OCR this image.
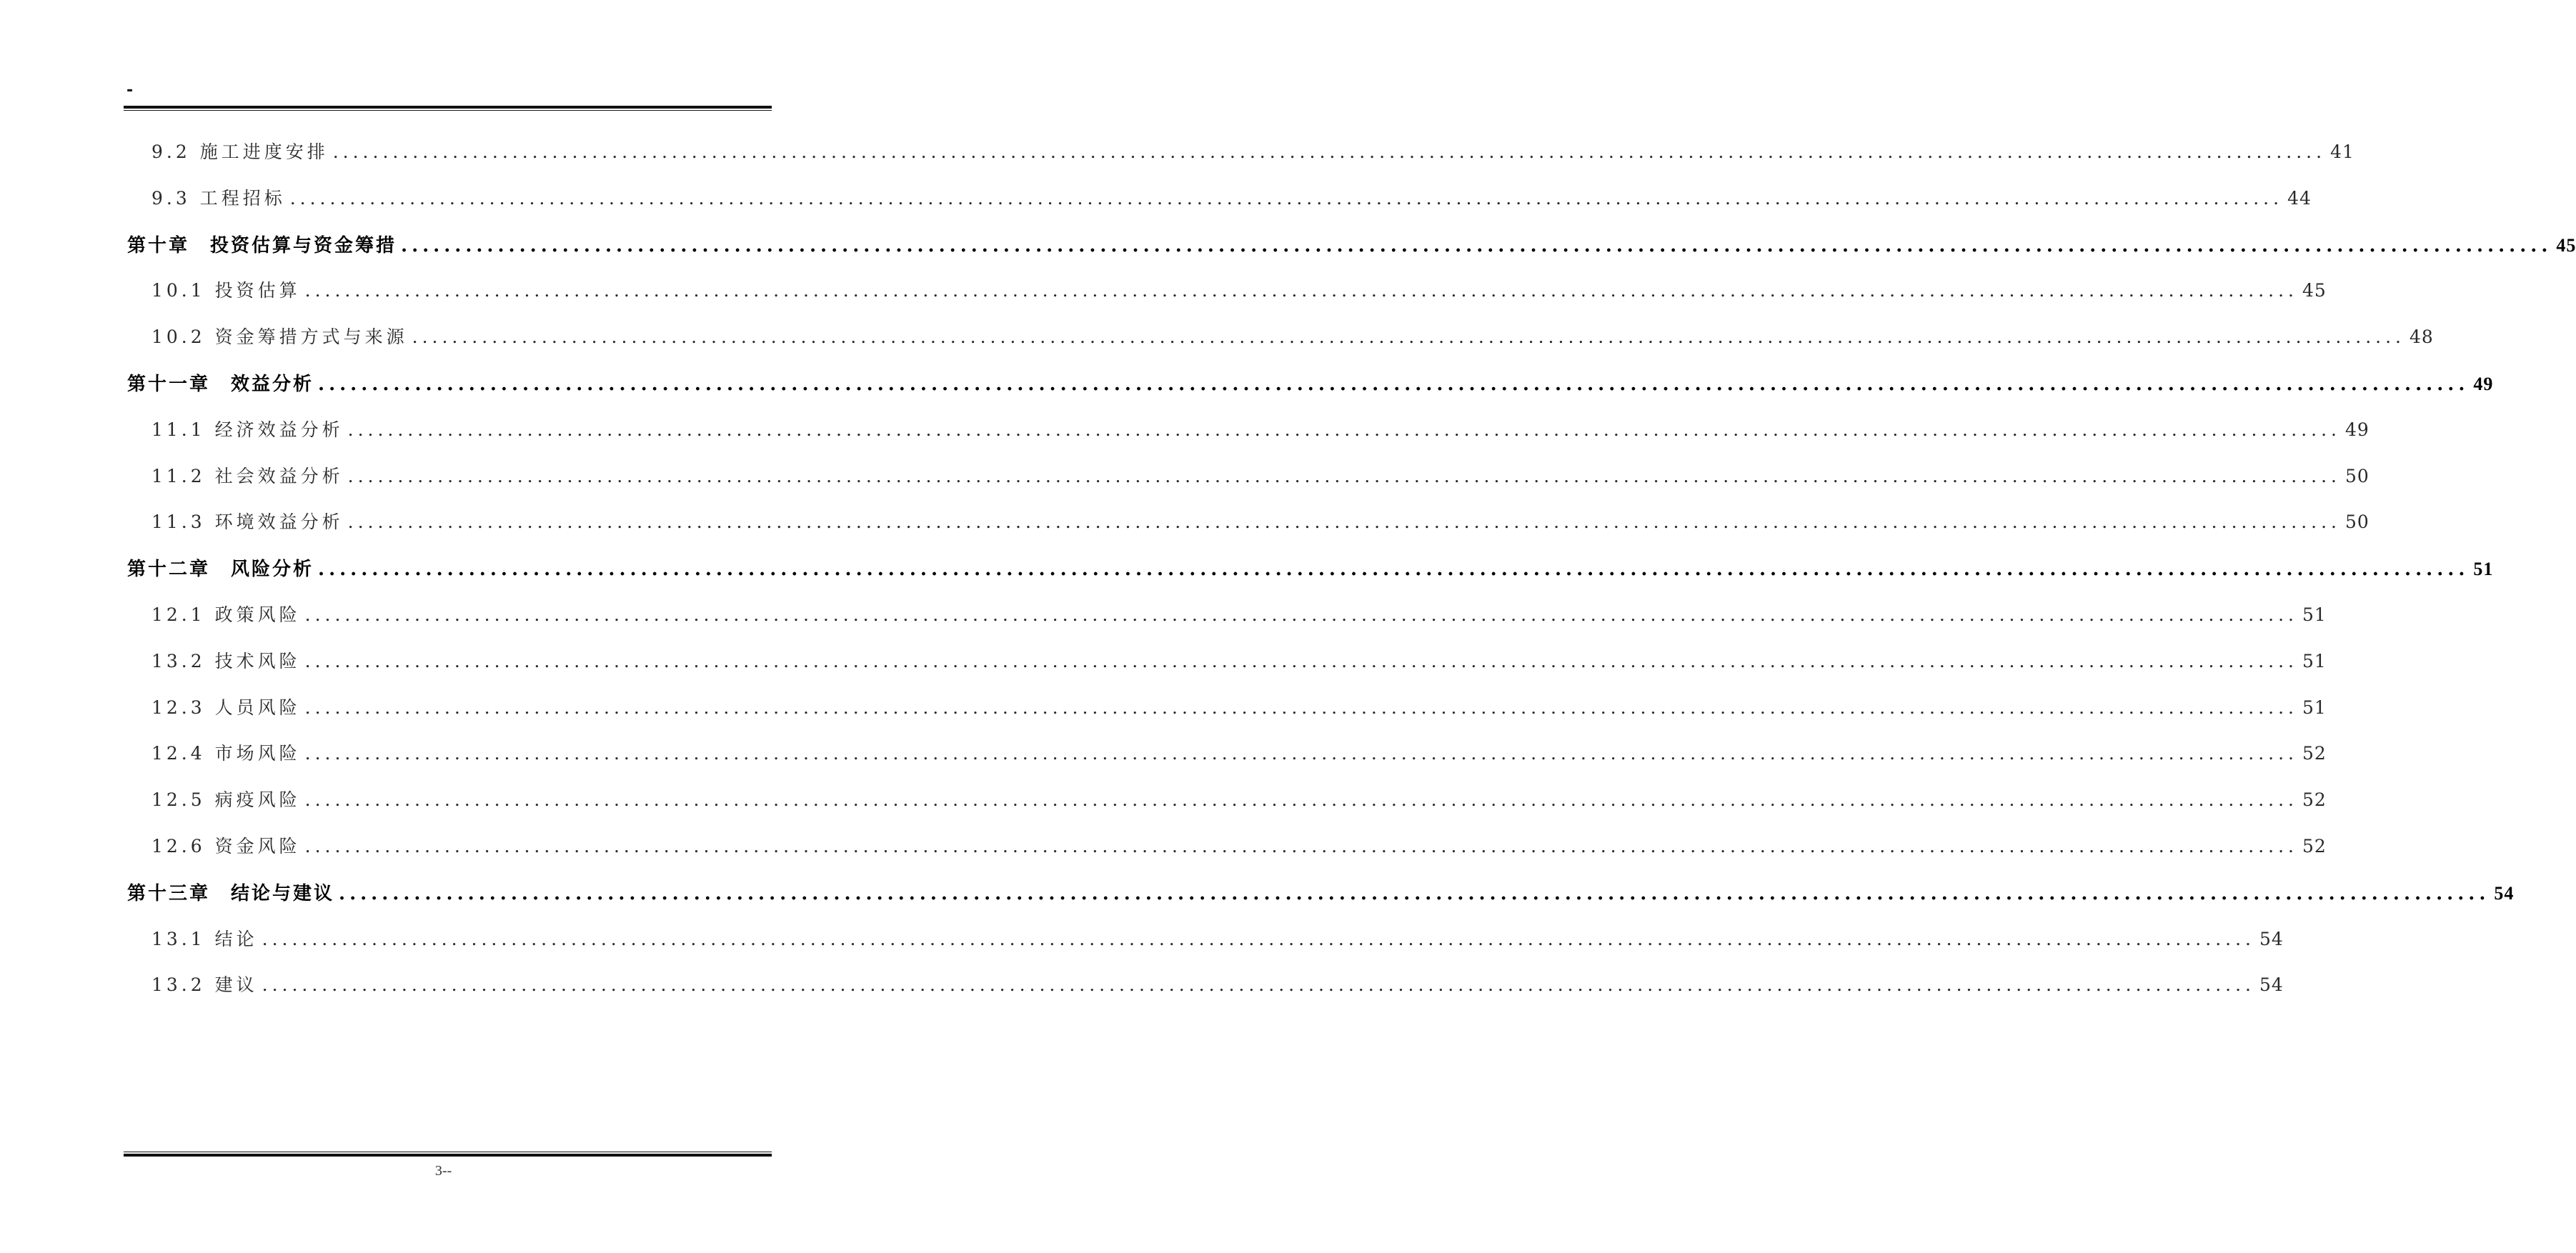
-
9.2 施工进度安排 ........................................................................................................................................................................................................ 41
9.3 工程招标 ........................................................................................................................................................................................................ 44
第十章　投资估算与资金筹措 ........................................................................................................................................................................................................ 45
10.1 投资估算 ........................................................................................................................................................................................................ 45
10.2 资金筹措方式与来源 ........................................................................................................................................................................................................ 48
第十一章　效益分析 ........................................................................................................................................................................................................ 49
11.1 经济效益分析 ........................................................................................................................................................................................................ 49
11.2 社会效益分析 ........................................................................................................................................................................................................ 50
11.3 环境效益分析 ........................................................................................................................................................................................................ 50
第十二章　风险分析 ........................................................................................................................................................................................................ 51
12.1 政策风险 ........................................................................................................................................................................................................ 51
13.2 技术风险 ........................................................................................................................................................................................................ 51
12.3 人员风险 ........................................................................................................................................................................................................ 51
12.4 市场风险 ........................................................................................................................................................................................................ 52
12.5 病疫风险 ........................................................................................................................................................................................................ 52
12.6 资金风险 ........................................................................................................................................................................................................ 52
第十三章　结论与建议 ........................................................................................................................................................................................................ 54
13.1 结论 ........................................................................................................................................................................................................ 54
13.2 建议 ........................................................................................................................................................................................................ 54
3--
